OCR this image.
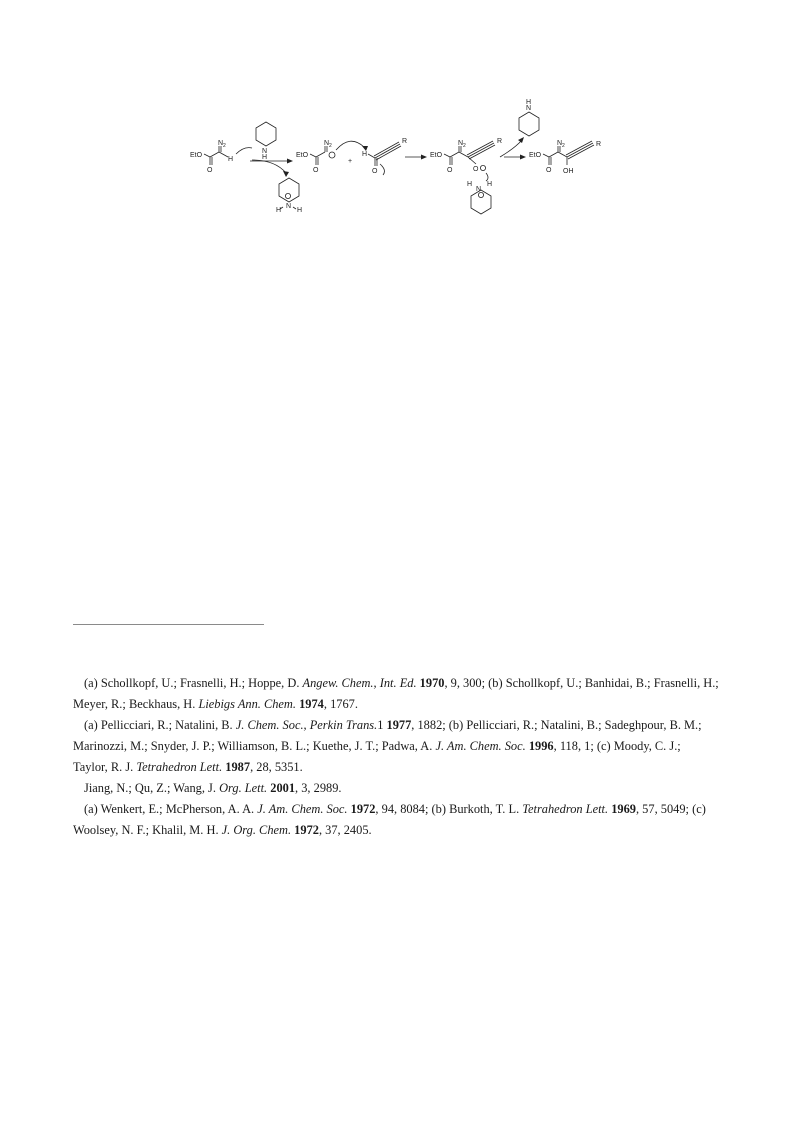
EtO
O
N 2
H
N
H
N
H H
EtO
O
N 2
+
H
O
R
EtO
O
N 2
R
O
H
N
H
N
H
EtO
O
N 2	R
OH

(a) Schollkopf, U.; Frasnelli, H.; Hoppe, D. Angew. Chem., Int. Ed. 1970, 9, 300; (b) Schollkopf, U.; Banhidai, B.; Frasnelli, H.;

Meyer, R.; Beckhaus, H. Liebigs Ann. Chem. 1974, 1767.

(a) Pellicciari, R.; Natalini, B. J. Chem. Soc., Perkin Trans.1 1977, 1882; (b) Pellicciari, R.; Natalini, B.; Sadeghpour, B. M.;

Marinozzi, M.; Snyder, J. P.; Williamson, B. L.; Kuethe, J. T.; Padwa, A. J. Am. Chem. Soc. 1996, 118, 1; (c) Moody, C. J.;

Taylor, R. J. Tetrahedron Lett. 1987, 28, 5351.

Jiang, N.; Qu, Z.; Wang, J. Org. Lett. 2001, 3, 2989.

(a) Wenkert, E.; McPherson, A. A. J. Am. Chem. Soc. 1972, 94, 8084; (b) Burkoth, T. L. Tetrahedron Lett. 1969, 57, 5049; (c)

Woolsey, N. F.; Khalil, M. H. J. Org. Chem. 1972, 37, 2405.
